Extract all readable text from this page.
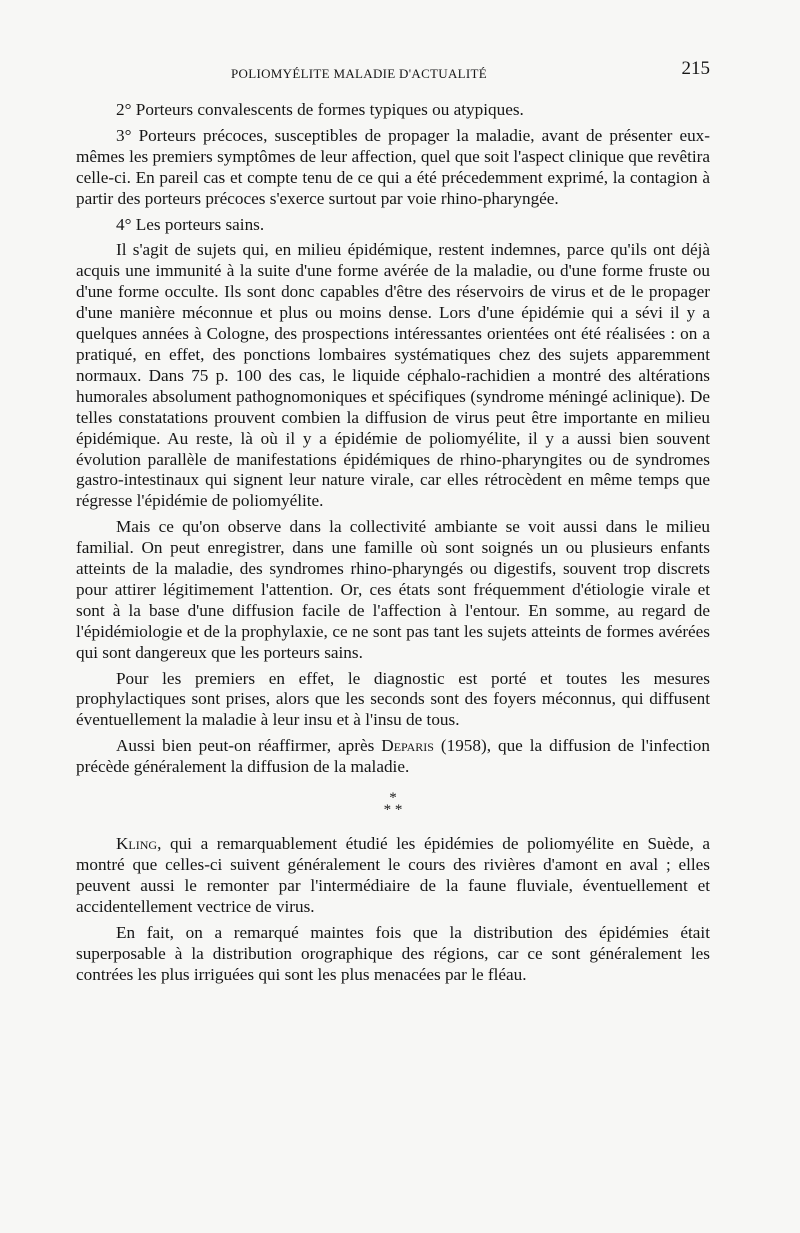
POLIOMYÉLITE MALADIE D'ACTUALITÉ	215

2° Porteurs convalescents de formes typiques ou atypiques.

3° Porteurs précoces, susceptibles de propager la maladie, avant de présenter eux-mêmes les premiers symptômes de leur affection, quel que soit l'aspect clinique que revêtira celle-ci. En pareil cas et compte tenu de ce qui a été précedemment exprimé, la contagion à partir des porteurs précoces s'exerce surtout par voie rhino-pharyngée.

4° Les porteurs sains.

Il s'agit de sujets qui, en milieu épidémique, restent indemnes, parce qu'ils ont déjà acquis une immunité à la suite d'une forme avérée de la maladie, ou d'une forme fruste ou d'une forme occulte. Ils sont donc capables d'être des réservoirs de virus et de le propager d'une manière méconnue et plus ou moins dense. Lors d'une épidémie qui a sévi il y a quelques années à Cologne, des prospections intéressantes orientées ont été réalisées : on a pratiqué, en effet, des ponctions lombaires systématiques chez des sujets apparemment normaux. Dans 75 p. 100 des cas, le liquide céphalo-rachidien a montré des altérations humorales absolument pathognomoniques et spécifiques (syndrome méningé aclinique). De telles constatations prouvent combien la diffusion de virus peut être importante en milieu épidémique. Au reste, là où il y a épidémie de poliomyélite, il y a aussi bien souvent évolution parallèle de manifestations épidémiques de rhino-pharyngites ou de syndromes gastro-intestinaux qui signent leur nature virale, car elles rétrocèdent en même temps que régresse l'épidémie de poliomyélite.

Mais ce qu'on observe dans la collectivité ambiante se voit aussi dans le milieu familial. On peut enregistrer, dans une famille où sont soignés un ou plusieurs enfants atteints de la maladie, des syndromes rhino-pharyngés ou digestifs, souvent trop discrets pour attirer légitimement l'attention. Or, ces états sont fréquemment d'étiologie virale et sont à la base d'une diffusion facile de l'affection à l'entour. En somme, au regard de l'épidémiologie et de la prophylaxie, ce ne sont pas tant les sujets atteints de formes avérées qui sont dangereux que les porteurs sains.

Pour les premiers en effet, le diagnostic est porté et toutes les mesures prophylactiques sont prises, alors que les seconds sont des foyers méconnus, qui diffusent éventuellement la maladie à leur insu et à l'insu de tous.

Aussi bien peut-on réaffirmer, après Deparis (1958), que la diffusion de l'infection précède généralement la diffusion de la maladie.

*
* *

Kling, qui a remarquablement étudié les épidémies de poliomyélite en Suède, a montré que celles-ci suivent généralement le cours des rivières d'amont en aval ; elles peuvent aussi le remonter par l'intermédiaire de la faune fluviale, éventuellement et accidentellement vectrice de virus.

En fait, on a remarqué maintes fois que la distribution des épidémies était superposable à la distribution orographique des régions, car ce sont généralement les contrées les plus irriguées qui sont les plus menacées par le fléau.
